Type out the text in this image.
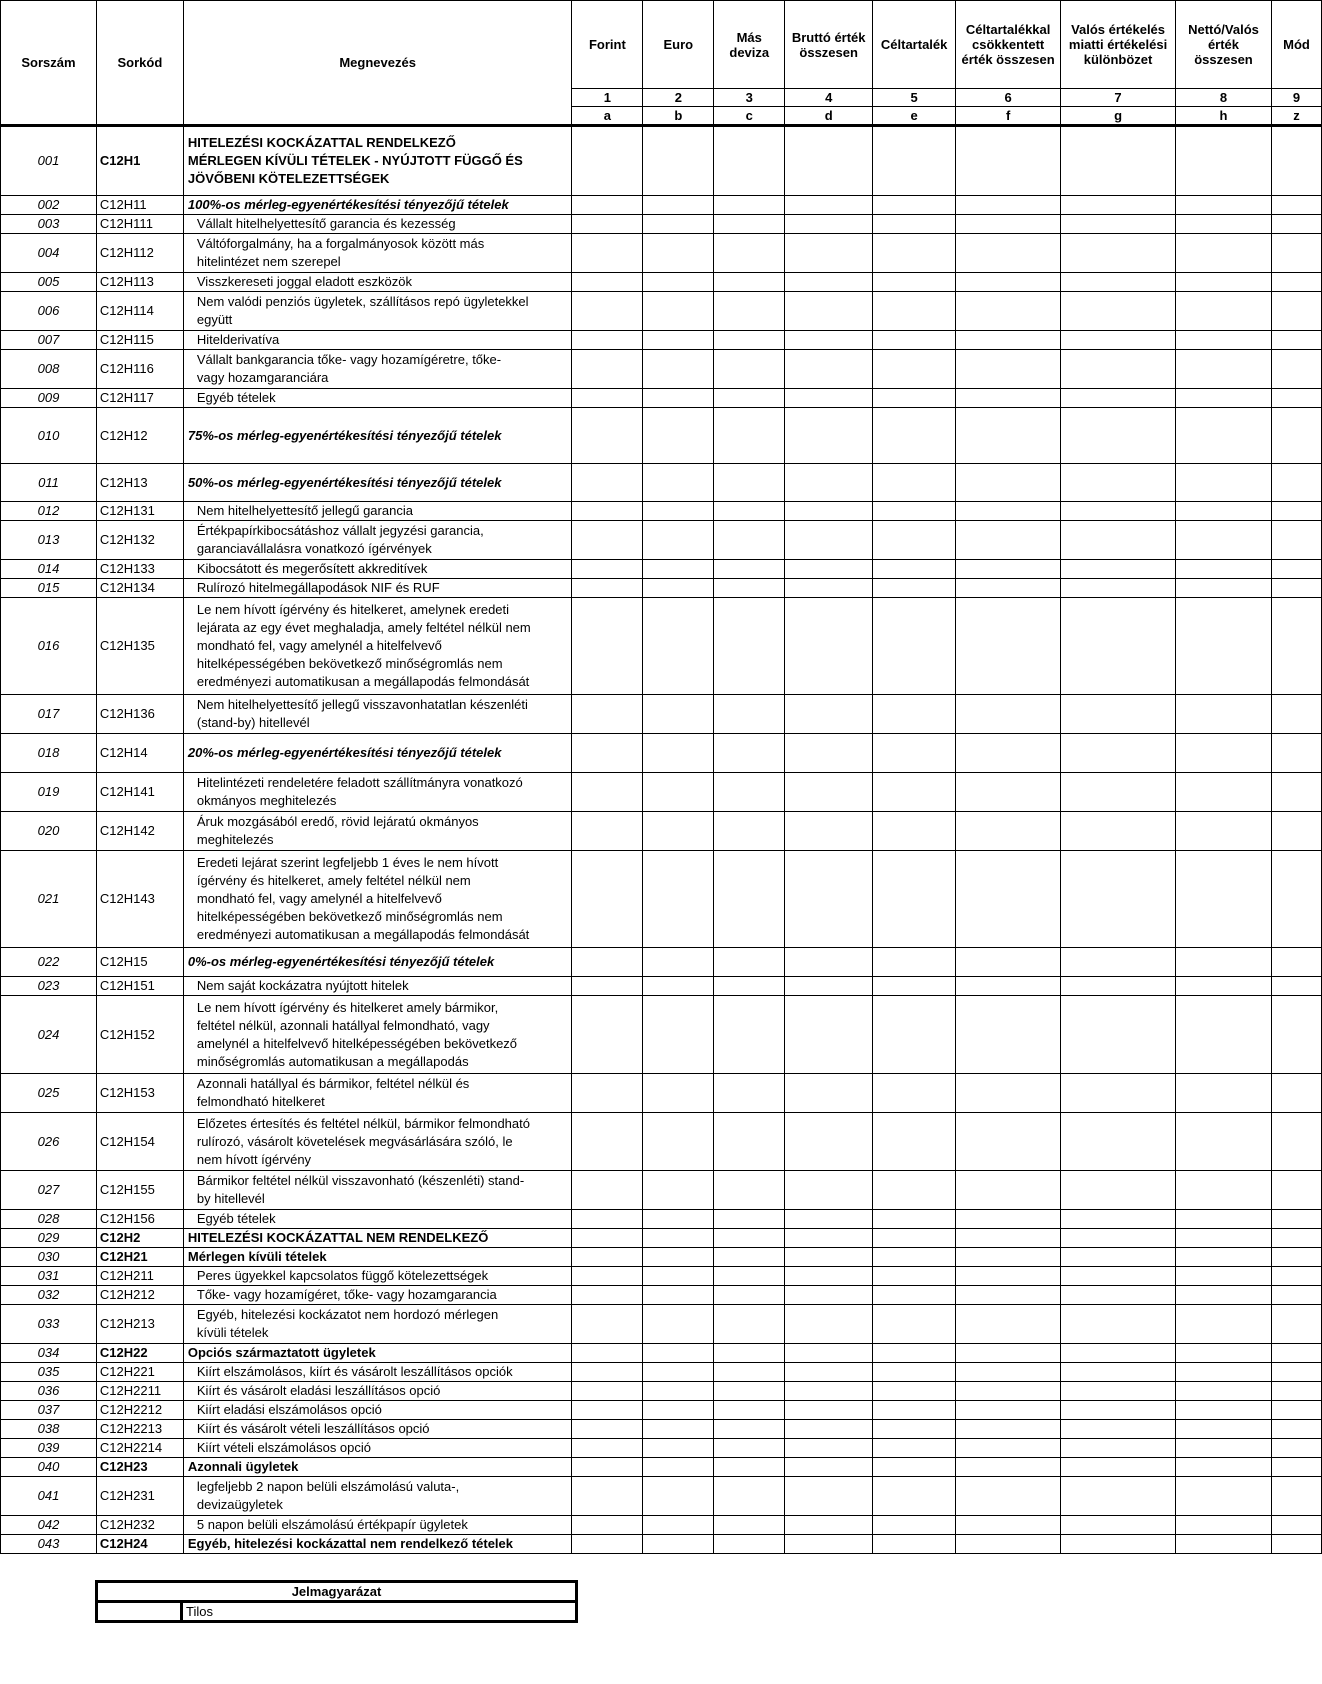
Sorszám	Sorkód	Megnevezés	Forint	Euro	Más deviza	Bruttó érték összesen	Céltartalék	Céltartalékkal csökkentett érték összesen	Valós értékelés miatti értékelési különbözet	Nettó/Valós érték összesen	Mód
			1	2	3	4	5	6	7	8	9
			a	b	c	d	e	f	g	h	z
001	C12H1	HITELEZÉSI KOCKÁZATTAL RENDELKEZŐ
MÉRLEGEN KÍVÜLI TÉTELEK - NYÚJTOTT FÜGGŐ ÉS
JÖVŐBENI KÖTELEZETTSÉGEK									
002	C12H11	100%-os mérleg-egyenértékesítési tényezőjű tételek									
003	C12H111	Vállalt hitelhelyettesítő garancia és kezesség									
004	C12H112	Váltóforgalmány, ha a forgalmányosok között más
hitelintézet nem szerepel									
005	C12H113	Visszkereseti joggal eladott eszközök									
006	C12H114	Nem valódi penziós ügyletek, szállításos repó ügyletekkel
együtt									
007	C12H115	Hitelderivatíva									
008	C12H116	Vállalt bankgarancia tőke- vagy hozamígéretre, tőke-
vagy hozamgaranciára									
009	C12H117	Egyéb tételek									
010	C12H12	75%-os mérleg-egyenértékesítési tényezőjű tételek									
011	C12H13	50%-os mérleg-egyenértékesítési tényezőjű tételek									
012	C12H131	Nem hitelhelyettesítő jellegű garancia									
013	C12H132	Értékpapírkibocsátáshoz vállalt jegyzési garancia,
garanciavállalásra vonatkozó ígérvények									
014	C12H133	Kibocsátott és megerősített akkreditívek									
015	C12H134	Rulírozó hitelmegállapodások NIF és RUF									
016	C12H135	Le nem hívott ígérvény és hitelkeret, amelynek eredeti
lejárata az egy évet meghaladja, amely feltétel nélkül nem
mondható fel, vagy amelynél a hitelfelvevő
hitelképességében bekövetkező minőségromlás nem
eredményezi automatikusan a megállapodás felmondását									
017	C12H136	Nem hitelhelyettesítő jellegű visszavonhatatlan készenléti
(stand-by) hitellevél									
018	C12H14	20%-os mérleg-egyenértékesítési tényezőjű tételek									
019	C12H141	Hitelintézeti rendeletére feladott szállítmányra vonatkozó
okmányos meghitelezés									
020	C12H142	Áruk mozgásából eredő, rövid lejáratú okmányos
meghitelezés									
021	C12H143	Eredeti lejárat szerint legfeljebb 1 éves le nem hívott
ígérvény és hitelkeret, amely feltétel nélkül nem
mondható fel, vagy amelynél a hitelfelvevő
hitelképességében bekövetkező minőségromlás nem
eredményezi automatikusan a megállapodás felmondását									
022	C12H15	0%-os mérleg-egyenértékesítési tényezőjű tételek									
023	C12H151	Nem saját kockázatra nyújtott hitelek									
024	C12H152	Le nem hívott ígérvény és hitelkeret amely bármikor,
feltétel nélkül, azonnali hatállyal felmondható, vagy
amelynél a hitelfelvevő hitelképességében bekövetkező
minőségromlás automatikusan a megállapodás									
025	C12H153	Azonnali hatállyal és bármikor, feltétel nélkül és
felmondható hitelkeret									
026	C12H154	Előzetes értesítés és feltétel nélkül, bármikor felmondható
rulírozó, vásárolt követelések megvásárlására szóló, le
nem hívott ígérvény									
027	C12H155	Bármikor feltétel nélkül visszavonható (készenléti) stand-
by hitellevél									
028	C12H156	Egyéb tételek									
029	C12H2	HITELEZÉSI KOCKÁZATTAL NEM RENDELKEZŐ									
030	C12H21	Mérlegen kívüli tételek									
031	C12H211	Peres ügyekkel kapcsolatos függő kötelezettségek									
032	C12H212	Tőke- vagy hozamígéret, tőke- vagy hozamgarancia									
033	C12H213	Egyéb, hitelezési kockázatot nem hordozó mérlegen
kívüli tételek									
034	C12H22	Opciós származtatott ügyletek									
035	C12H221	Kiírt elszámolásos, kiírt és vásárolt leszállításos opciók									
036	C12H2211	Kiírt és vásárolt eladási leszállításos opció									
037	C12H2212	Kiírt eladási elszámolásos opció									
038	C12H2213	Kiírt és vásárolt vételi leszállításos opció									
039	C12H2214	Kiírt vételi elszámolásos opció									
040	C12H23	Azonnali ügyletek									
041	C12H231	legfeljebb 2 napon belüli elszámolású valuta-,
devizaügyletek									
042	C12H232	5 napon belüli elszámolású értékpapír ügyletek									
043	C12H24	Egyéb, hitelezési kockázattal nem rendelkező tételek									
Jelmagyarázat
	Tilos
